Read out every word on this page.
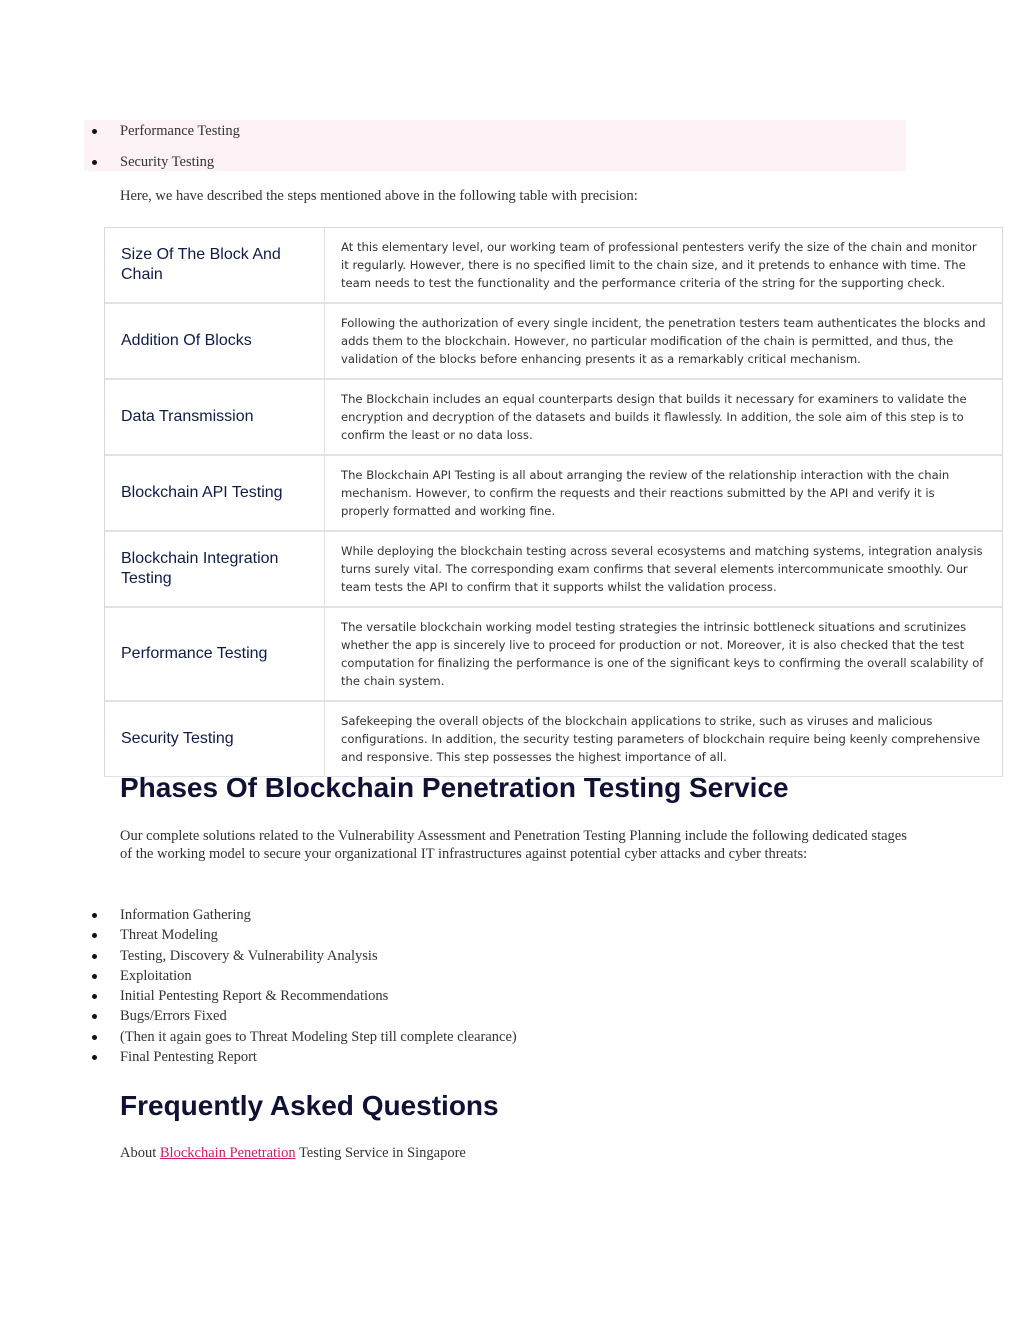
Performance Testing
Security Testing

Here, we have described the steps mentioned above in the following table with precision:

Size Of The Block And Chain
At this elementary level, our working team of professional pentesters verify the size of the chain and monitor it regularly. However, there is no specified limit to the chain size, and it pretends to enhance with time. The team needs to test the functionality and the performance criteria of the string for the supporting check.
Addition Of Blocks
Following the authorization of every single incident, the penetration testers team authenticates the blocks and adds them to the blockchain. However, no particular modification of the chain is permitted, and thus, the validation of the blocks before enhancing presents it as a remarkably critical mechanism.
Data Transmission
The Blockchain includes an equal counterparts design that builds it necessary for examiners to validate the encryption and decryption of the datasets and builds it flawlessly. In addition, the sole aim of this step is to confirm the least or no data loss.
Blockchain API Testing
The Blockchain API Testing is all about arranging the review of the relationship interaction with the chain mechanism. However, to confirm the requests and their reactions submitted by the API and verify it is properly formatted and working fine.
Blockchain Integration Testing
While deploying the blockchain testing across several ecosystems and matching systems, integration analysis turns surely vital. The corresponding exam confirms that several elements intercommunicate smoothly. Our team tests the API to confirm that it supports whilst the validation process.
Performance Testing
The versatile blockchain working model testing strategies the intrinsic bottleneck situations and scrutinizes whether the app is sincerely live to proceed for production or not. Moreover, it is also checked that the test computation for finalizing the performance is one of the significant keys to confirming the overall scalability of the chain system.
Security Testing
Safekeeping the overall objects of the blockchain applications to strike, such as viruses and malicious configurations. In addition, the security testing parameters of blockchain require being keenly comprehensive and responsive. This step possesses the highest importance of all.
Phases Of Blockchain Penetration Testing Service

Our complete solutions related to the Vulnerability Assessment and Penetration Testing Planning include the following dedicated stages of the working model to secure your organizational IT infrastructures against potential cyber attacks and cyber threats:

Information Gathering
Threat Modeling
Testing, Discovery & Vulnerability Analysis
Exploitation
Initial Pentesting Report & Recommendations
Bugs/Errors Fixed
(Then it again goes to Threat Modeling Step till complete clearance)
Final Pentesting Report
Frequently Asked Questions

About Blockchain Penetration Testing Service in Singapore
